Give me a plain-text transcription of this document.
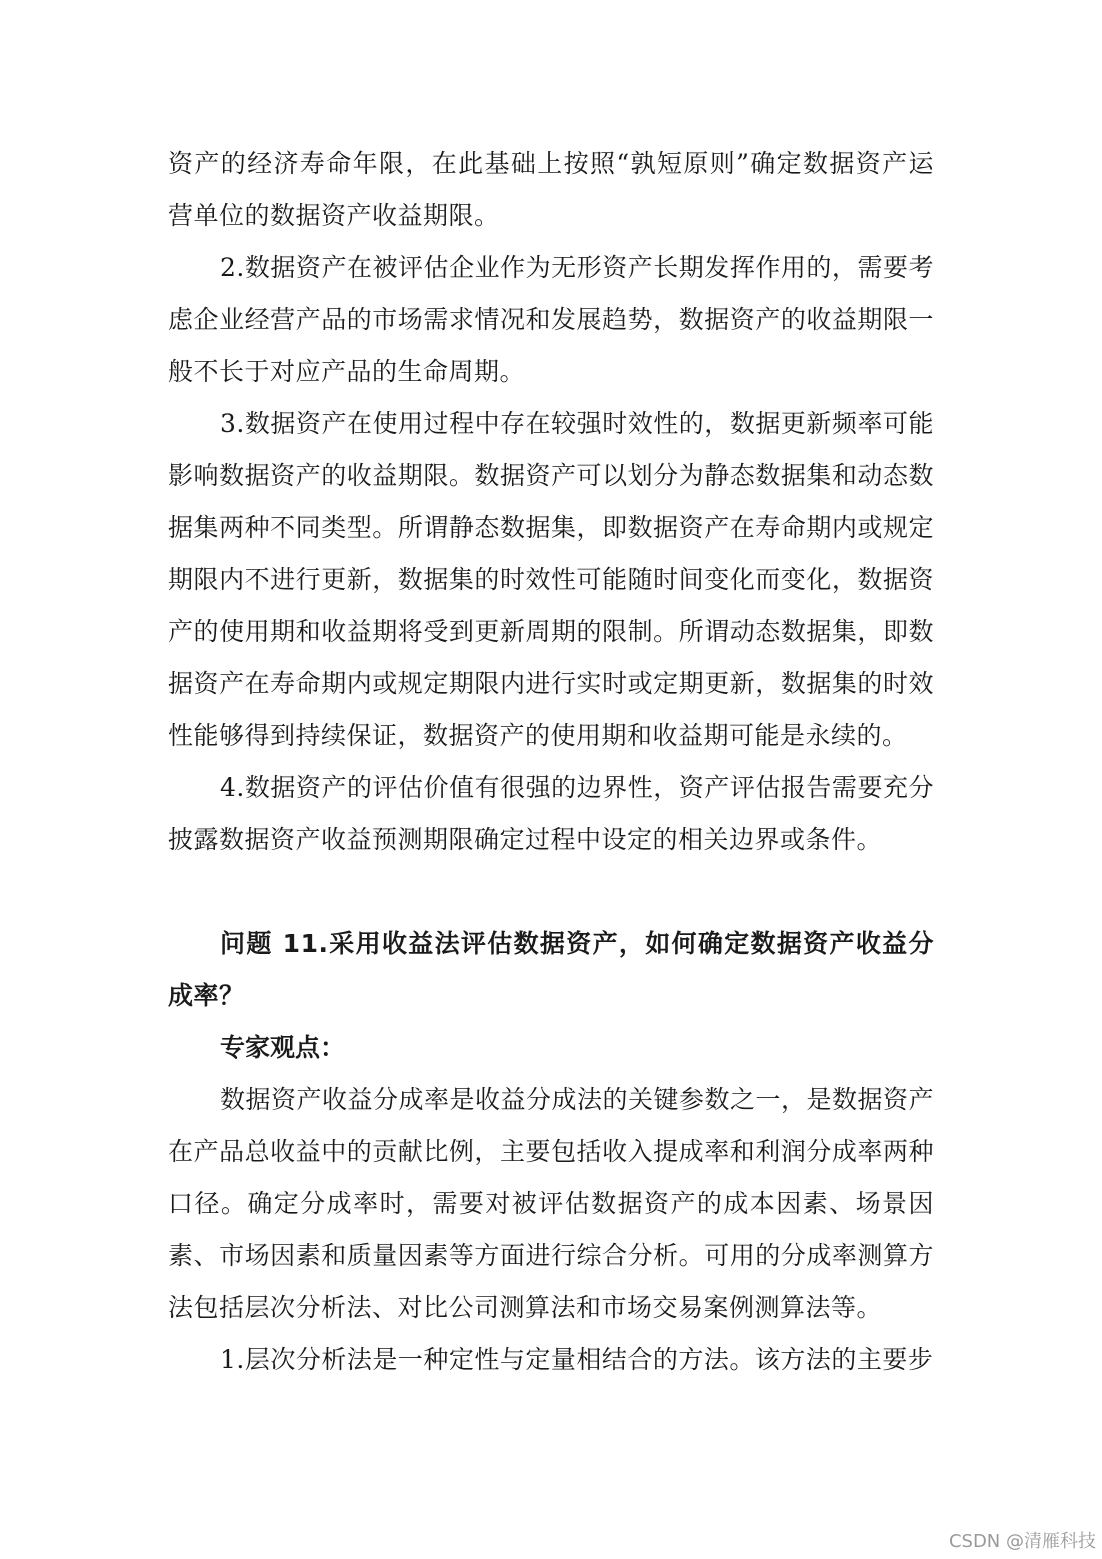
资产的经济寿命年限，在此基础上按照“孰短原则”确定数据资产运营单位的数据资产收益期限。

2.数据资产在被评估企业作为无形资产长期发挥作用的，需要考虑企业经营产品的市场需求情况和发展趋势，数据资产的收益期限一般不长于对应产品的生命周期。

3.数据资产在使用过程中存在较强时效性的，数据更新频率可能影响数据资产的收益期限。数据资产可以划分为静态数据集和动态数据集两种不同类型。所谓静态数据集，即数据资产在寿命期内或规定期限内不进行更新，数据集的时效性可能随时间变化而变化，数据资产的使用期和收益期将受到更新周期的限制。所谓动态数据集，即数据资产在寿命期内或规定期限内进行实时或定期更新，数据集的时效性能够得到持续保证，数据资产的使用期和收益期可能是永续的。

4.数据资产的评估价值有很强的边界性，资产评估报告需要充分披露数据资产收益预测期限确定过程中设定的相关边界或条件。

问题 11.采用收益法评估数据资产，如何确定数据资产收益分成率？

专家观点：

数据资产收益分成率是收益分成法的关键参数之一，是数据资产在产品总收益中的贡献比例，主要包括收入提成率和利润分成率两种口径。确定分成率时，需要对被评估数据资产的成本因素、场景因素、市场因素和质量因素等方面进行综合分析。可用的分成率测算方法包括层次分析法、对比公司测算法和市场交易案例测算法等。

1.层次分析法是一种定性与定量相结合的方法。该方法的主要步

CSDN @清雁科技
